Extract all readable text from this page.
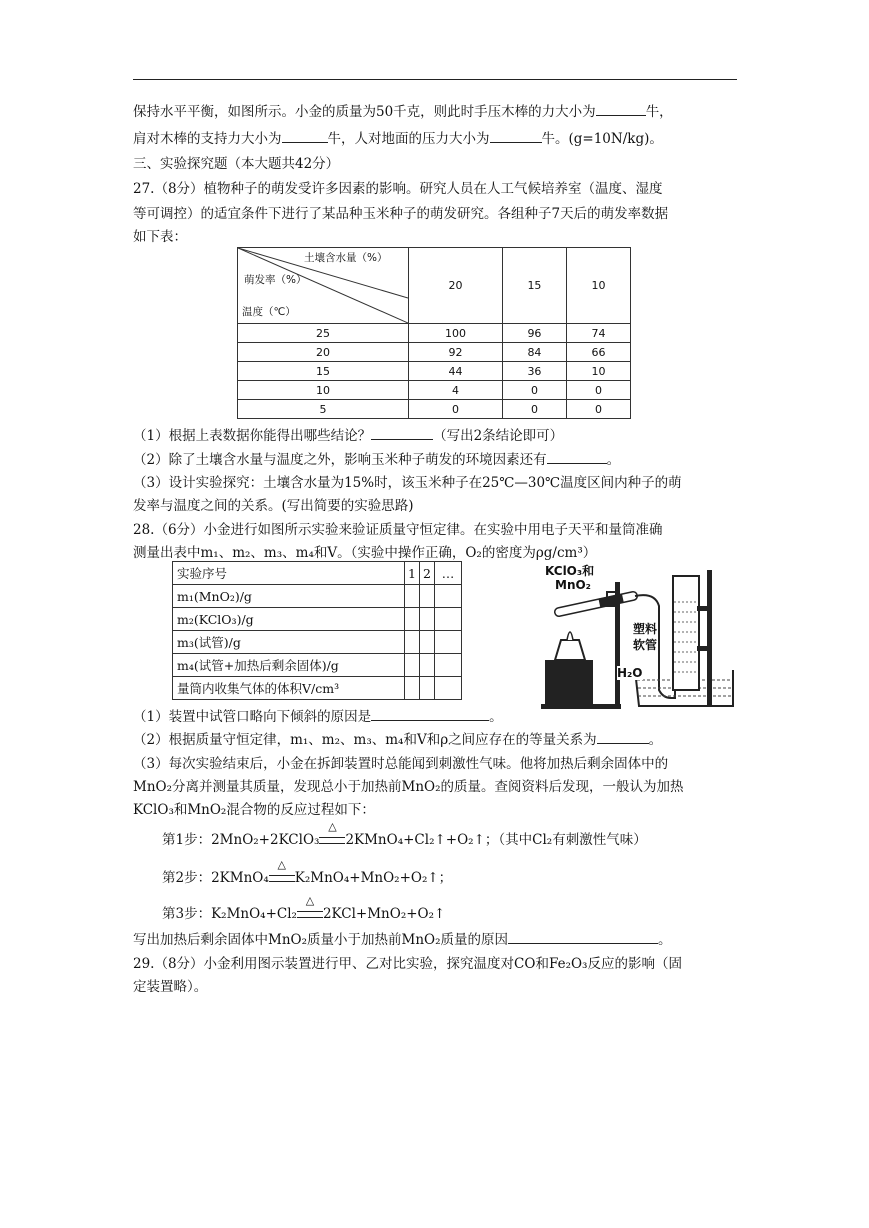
保持水平平衡，如图所示。小金的质量为50千克，则此时手压木棒的力大小为	牛，
肩对木棒的支持力大小为	牛，人对地面的压力大小为	牛。(g=10N/kg)。
三、实验探究题（本大题共42分）
27.（8分）植物种子的萌发受许多因素的影响。研究人员在人工气候培养室（温度、湿度
等可调控）的适宜条件下进行了某品种玉米种子的萌发研究。各组种子7天后的萌发率数据
如下表：
土壤含水量（%）
萌发率（%）
温度（℃）	20	15	10
25	100	96	74
20	92	84	66
15	44	36	10
10	4	0	0
5	0	0	0
（1）根据上表数据你能得出哪些结论？	（写出2条结论即可）
（2）除了土壤含水量与温度之外，影响玉米种子萌发的环境因素还有	。
（3）设计实验探究：土壤含水量为15%时，该玉米种子在25℃—30℃温度区间内种子的萌
发率与温度之间的关系。(写出简要的实验思路)
28.（6分）小金进行如图所示实验来验证质量守恒定律。在实验中用电子天平和量筒准确
测量出表中m₁、m₂、m₃、m₄和V。（实验中操作正确，O₂的密度为ρg/cm³）
实验序号	1	2	…
m₁(MnO₂)/g			
m₂(KClO₃)/g			
m₃(试管)/g			
m₄(试管+加热后剩余固体)/g			
量筒内收集气体的体积V/cm³			
KClO₃和
MnO₂
塑料
软管
H₂O
（1）装置中试管口略向下倾斜的原因是	。
（2）根据质量守恒定律，m₁、m₂、m₃、m₄和V和ρ之间应存在的等量关系为	。
（3）每次实验结束后，小金在拆卸装置时总能闻到刺激性气味。他将加热后剩余固体中的
MnO₂分离并测量其质量，发现总小于加热前MnO₂的质量。查阅资料后发现，一般认为加热
KClO₃和MnO₂混合物的反应过程如下：
第1步：2MnO₂+2KClO₃
△
2KMnO₄+Cl₂↑+O₂↑；（其中Cl₂有刺激性气味）
第2步：2KMnO₄
△
K₂MnO₄+MnO₂+O₂↑；
第3步：K₂MnO₄+Cl₂
△
2KCl+MnO₂+O₂↑
写出加热后剩余固体中MnO₂质量小于加热前MnO₂质量的原因	。
29.（8分）小金利用图示装置进行甲、乙对比实验，探究温度对CO和Fe₂O₃反应的影响（固
定装置略）。
